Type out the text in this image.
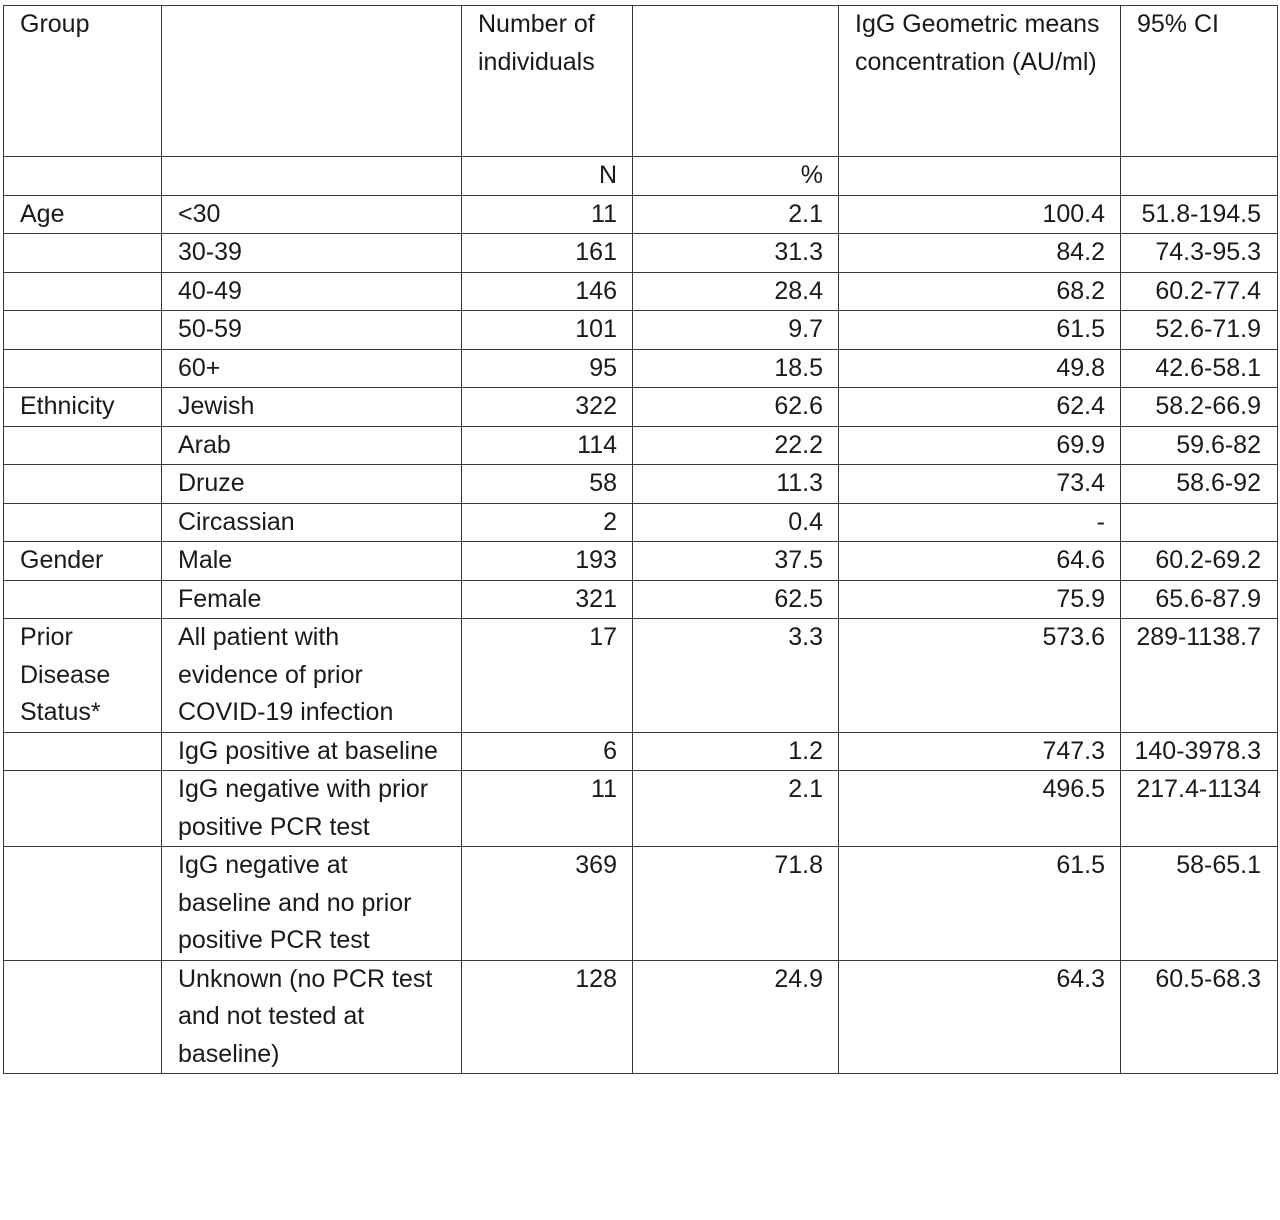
Group		Number of individuals		IgG Geometric means concentration (AU/ml)	95% CI
		N	%		
Age	<30	11	2.1	100.4	51.8-194.5
	30-39	161	31.3	84.2	74.3-95.3
	40-49	146	28.4	68.2	60.2-77.4
	50-59	101	9.7	61.5	52.6-71.9
	60+	95	18.5	49.8	42.6-58.1
Ethnicity	Jewish	322	62.6	62.4	58.2-66.9
	Arab	114	22.2	69.9	59.6-82
	Druze	58	11.3	73.4	58.6-92
	Circassian	2	0.4	-	
Gender	Male	193	37.5	64.6	60.2-69.2
	Female	321	62.5	75.9	65.6-87.9
Prior Disease Status*	All patient with evidence of prior COVID-19 infection	17	3.3	573.6	289-1138.7
	IgG positive at baseline	6	1.2	747.3	140-3978.3
	IgG negative with prior positive PCR test	11	2.1	496.5	217.4-1134
	IgG negative at baseline and no prior positive PCR test	369	71.8	61.5	58-65.1
	Unknown (no PCR test and not tested at baseline)	128	24.9	64.3	60.5-68.3
